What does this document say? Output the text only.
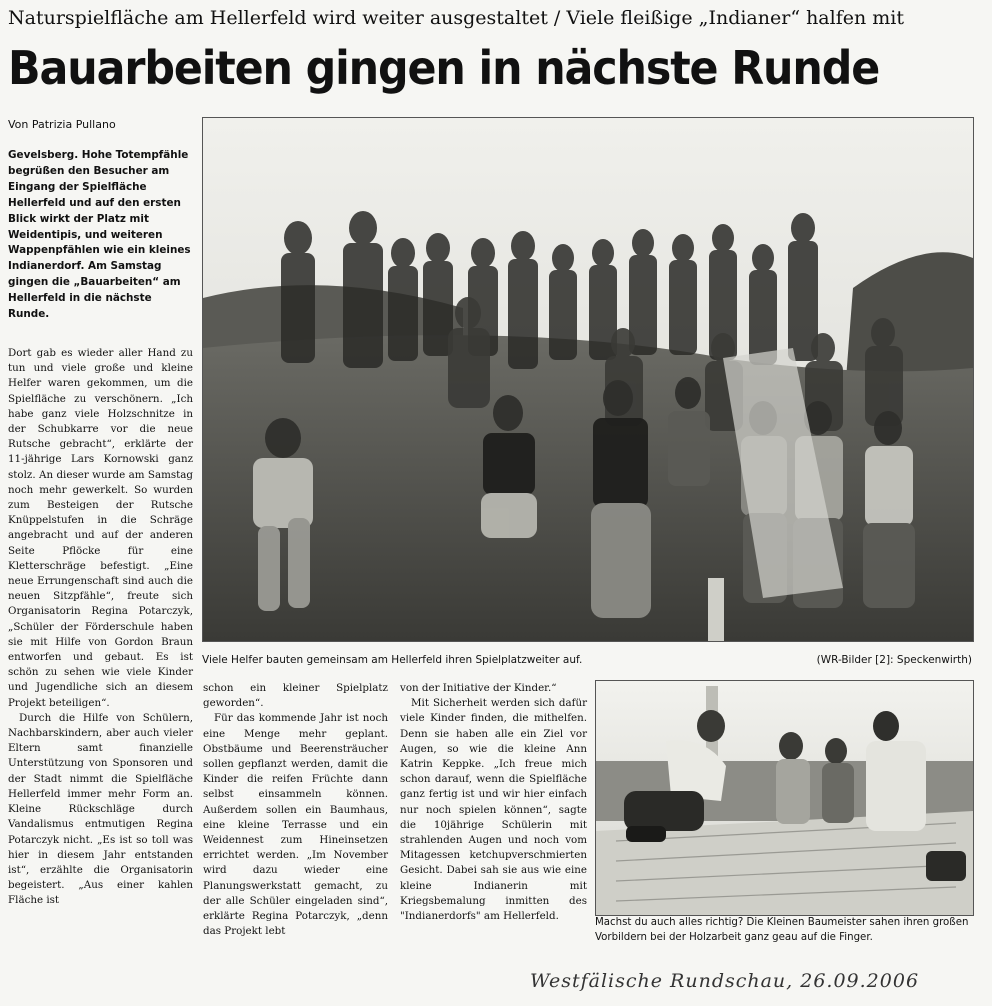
Naturspielfläche am Hellerfeld wird weiter ausgestaltet / Viele fleißige „Indianer“ halfen mit
Bauarbeiten gingen in nächste Runde
Von Patrizia Pullano
Gevelsberg. Hohe Totempfähle begrüßen den Besucher am Eingang der Spielfläche Hellerfeld und auf den ersten Blick wirkt der Platz mit Weidentipis, und weiteren Wappenpfählen wie ein kleines Indianerdorf. Am Samstag gingen die „Bauarbeiten“ am Hellerfeld in die nächste Runde.

Dort gab es wieder aller Hand zu tun und viele große und kleine Helfer waren gekommen, um die Spielfläche zu verschönern. „Ich habe ganz viele Holzschnitze in der Schubkarre vor die neue Rutsche gebracht“, erklärte der 11-jährige Lars Kornowski ganz stolz. An dieser wurde am Samstag noch mehr gewerkelt. So wurden zum Besteigen der Rutsche Knüppelstufen in die Schräge angebracht und auf der anderen Seite Pflöcke für eine Kletterschräge befestigt. „Eine neue Errungenschaft sind auch die neuen Sitzpfähle“, freute sich Organisatorin Regina Potarczyk, „Schüler der Förderschule haben sie mit Hilfe von Gordon Braun entworfen und gebaut. Es ist schön zu sehen wie viele Kinder und Jugendliche sich an diesem Projekt beteiligen“.

Durch die Hilfe von Schülern, Nachbarskindern, aber auch vieler Eltern samt finanzielle Unterstützung von Sponsoren und der Stadt nimmt die Spielfläche Hellerfeld immer mehr Form an. Kleine Rückschläge durch Vandalismus entmutigen Regina Potarczyk nicht. „Es ist so toll was hier in diesem Jahr entstanden ist“, erzählte die Organisatorin begeistert. „Aus einer kahlen Fläche ist

Viele Helfer bauten gemeinsam am Hellerfeld ihren Spielplatzweiter auf.	(WR-Bilder [2]: Speckenwirth)

schon ein kleiner Spielplatz geworden“.

Für das kommende Jahr ist noch eine Menge mehr geplant. Obstbäume und Beerensträucher sollen gepflanzt werden, damit die Kinder die reifen Früchte dann selbst einsammeln können. Außerdem sollen ein Baumhaus, eine kleine Terrasse und ein Weidennest zum Hineinsetzen errichtet werden. „Im November wird dazu wieder eine Planungswerkstatt gemacht, zu der alle Schüler eingeladen sind“, erklärte Regina Potarczyk, „denn das Projekt lebt

von der Initiative der Kinder.“

Mit Sicherheit werden sich dafür viele Kinder finden, die mithelfen. Denn sie haben alle ein Ziel vor Augen, so wie die kleine Ann Katrin Keppke. „Ich freue mich schon darauf, wenn die Spielfläche ganz fertig ist und wir hier einfach nur noch spielen können“, sagte die 10jährige Schülerin mit strahlenden Augen und noch vom Mitagessen ketchupverschmierten Gesicht. Dabei sah sie aus wie eine kleine Indianerin mit Kriegsbemalung inmitten des "Indianerdorfs" am Hellerfeld.

Machst du auch alles richtig? Die Kleinen Baumeister sahen ihren großen Vorbildern bei der Holzarbeit ganz geau auf die Finger.
Westfälische Rundschau, 26.09.2006
